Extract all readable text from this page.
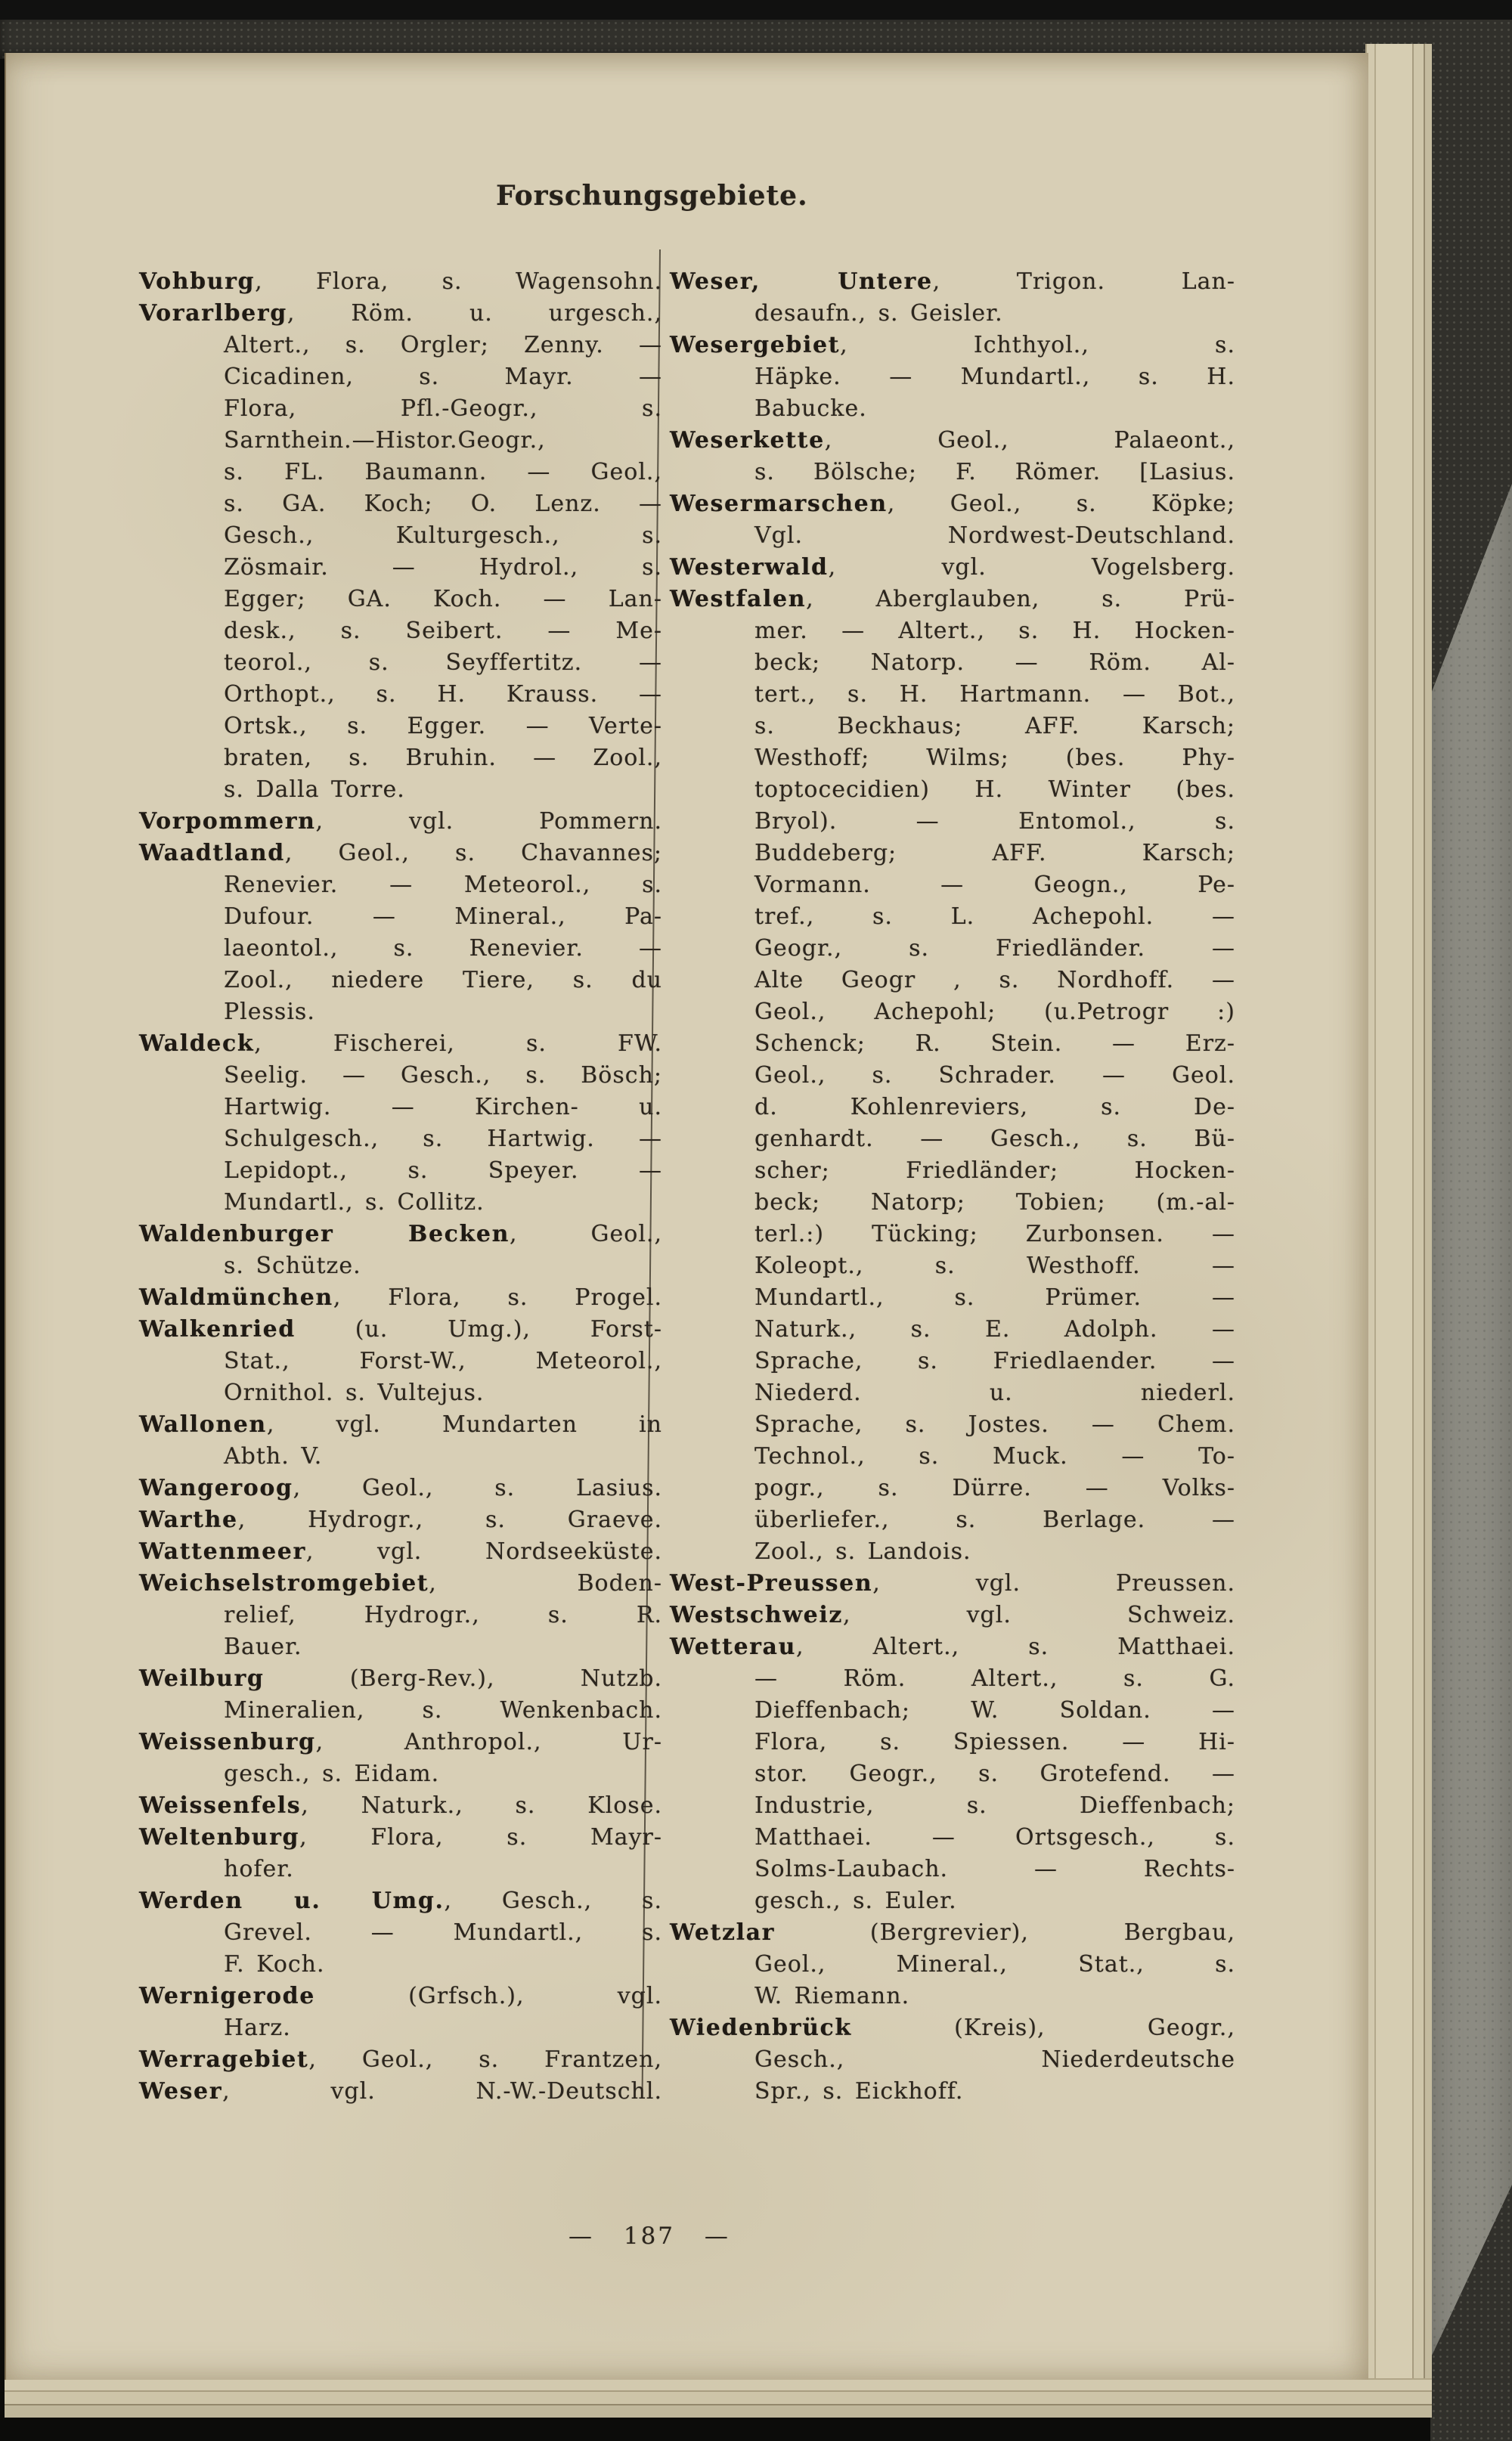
Forschungsgebiete.
Vohburg, Flora, s. Wagensohn.
Vorarlberg, Röm. u. urgesch.,
Altert., s. Orgler; Zenny. —
Cicadinen, s. Mayr. —
Flora, Pfl.-Geogr., s.
Sarnthein.—Histor.Geogr.,
s. FL. Baumann. — Geol.,
s. GA. Koch; O. Lenz. —
Gesch., Kulturgesch., s.
Zösmair. — Hydrol., s.
Egger; GA. Koch. — Lan-
desk., s. Seibert. — Me-
teorol., s. Seyffertitz. —
Orthopt., s. H. Krauss. —
Ortsk., s. Egger. — Verte-
braten, s. Bruhin. — Zool.,
s. Dalla Torre.
Vorpommern, vgl. Pommern.
Waadtland, Geol., s. Chavannes;
Renevier. — Meteorol., s.
Dufour. — Mineral., Pa-
laeontol., s. Renevier. —
Zool., niedere Tiere, s. du
Plessis.
Waldeck, Fischerei, s. FW.
Seelig. — Gesch., s. Bösch;
Hartwig. — Kirchen- u.
Schulgesch., s. Hartwig. —
Lepidopt., s. Speyer. —
Mundartl., s. Collitz.
Waldenburger Becken, Geol.,
s. Schütze.
Waldmünchen, Flora, s. Progel.
Walkenried (u. Umg.), Forst-
Stat., Forst-W., Meteorol.,
Ornithol. s. Vultejus.
Wallonen, vgl. Mundarten in
Abth. V.
Wangeroog, Geol., s. Lasius.
Warthe, Hydrogr., s. Graeve.
Wattenmeer, vgl. Nordseeküste.
Weichselstromgebiet, Boden-
relief, Hydrogr., s. R.
Bauer.
Weilburg (Berg-Rev.), Nutzb.
Mineralien, s. Wenkenbach.
Weissenburg, Anthropol., Ur-
gesch., s. Eidam.
Weissenfels, Naturk., s. Klose.
Weltenburg, Flora, s. Mayr-
hofer.
Werden u. Umg., Gesch., s.
Grevel. — Mundartl., s.
F. Koch.
Wernigerode (Grfsch.), vgl.
Harz.
Werragebiet, Geol., s. Frantzen,
Weser, vgl. N.-W.-Deutschl.
Weser, Untere, Trigon. Lan-
desaufn., s. Geisler.
Wesergebiet, Ichthyol., s.
Häpke. — Mundartl., s. H.
Babucke.
Weserkette, Geol., Palaeont.,
s. Bölsche; F. Römer. [Lasius.
Wesermarschen, Geol., s. Köpke;
Vgl. Nordwest-Deutschland.
Westerwald, vgl. Vogelsberg.
Westfalen, Aberglauben, s. Prü-
mer. — Altert., s. H. Hocken-
beck; Natorp. — Röm. Al-
tert., s. H. Hartmann. — Bot.,
s. Beckhaus; AFF. Karsch;
Westhoff; Wilms; (bes. Phy-
toptocecidien) H. Winter (bes.
Bryol). — Entomol., s.
Buddeberg; AFF. Karsch;
Vormann. — Geogn., Pe-
tref., s. L. Achepohl. —
Geogr., s. Friedländer. —
Alte Geogr , s. Nordhoff. —
Geol., Achepohl; (u.Petrogr :)
Schenck; R. Stein. — Erz-
Geol., s. Schrader. — Geol.
d. Kohlenreviers, s. De-
genhardt. — Gesch., s. Bü-
scher; Friedländer; Hocken-
beck; Natorp; Tobien; (m.-al-
terl.:) Tücking; Zurbonsen. —
Koleopt., s. Westhoff. —
Mundartl., s. Prümer. —
Naturk., s. E. Adolph. —
Sprache, s. Friedlaender. —
Niederd. u. niederl.
Sprache, s. Jostes. — Chem.
Technol., s. Muck. — To-
pogr., s. Dürre. — Volks-
überliefer., s. Berlage. —
Zool., s. Landois.
West-Preussen, vgl. Preussen.
Westschweiz, vgl. Schweiz.
Wetterau, Altert., s. Matthaei.
— Röm. Altert., s. G.
Dieffenbach; W. Soldan. —
Flora, s. Spiessen. — Hi-
stor. Geogr., s. Grotefend. —
Industrie, s. Dieffenbach;
Matthaei. — Ortsgesch., s.
Solms-Laubach. — Rechts-
gesch., s. Euler.
Wetzlar (Bergrevier), Bergbau,
Geol., Mineral., Stat., s.
W. Riemann.
Wiedenbrück (Kreis), Geogr.,
Gesch., Niederdeutsche
Spr., s. Eickhoff.
— 187 —
